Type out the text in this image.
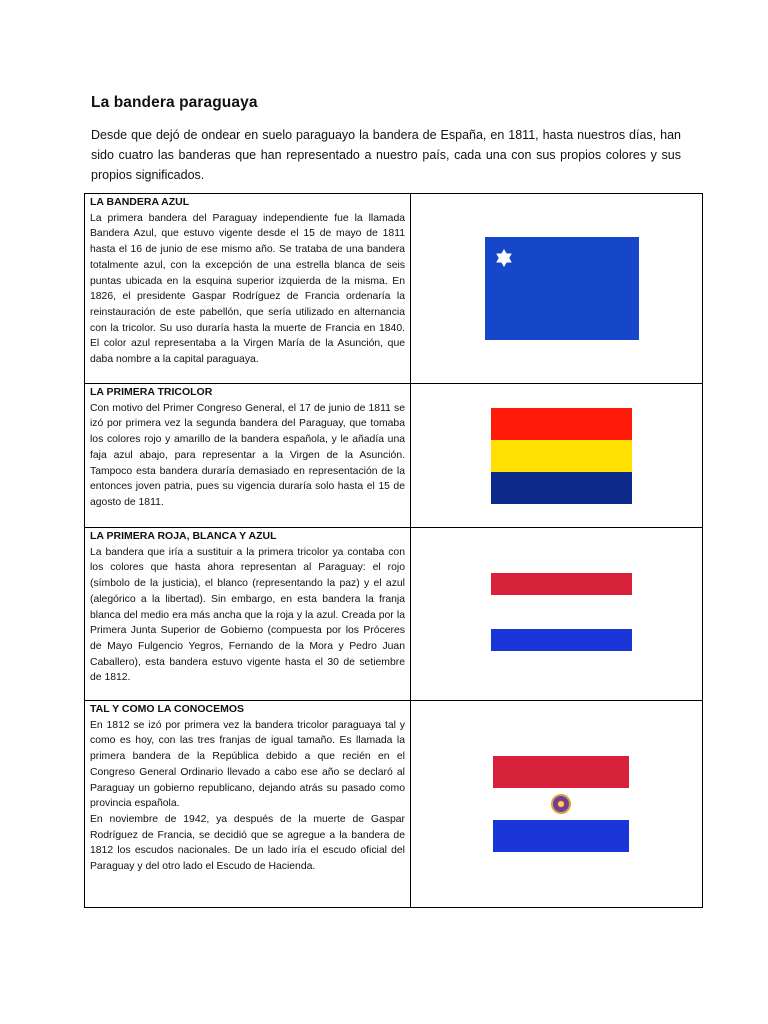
La bandera paraguaya
Desde que dejó de ondear en suelo paraguayo la bandera de España, en 1811, hasta nuestros días, han sido cuatro las banderas que han representado a nuestro país, cada una con sus propios colores y sus propios significados.
LA BANDERA AZUL

La primera bandera del Paraguay independiente fue la llamada Bandera Azul, que estuvo vigente desde el 15 de mayo de 1811 hasta el 16 de junio de ese mismo año. Se trataba de una bandera totalmente azul, con la excepción de una estrella blanca de seis puntas ubicada en la esquina superior izquierda de la misma. En 1826, el presidente Gaspar Rodríguez de Francia ordenaría la reinstauración de este pabellón, que sería utilizado en alternancia con la tricolor. Su uso duraría hasta la muerte de Francia en 1840. El color azul representaba a la Virgen María de la Asunción, que daba nombre a la capital paraguaya.

LA PRIMERA TRICOLOR

Con motivo del Primer Congreso General, el 17 de junio de 1811 se izó por primera vez la segunda bandera del Paraguay, que tomaba los colores rojo y amarillo de la bandera española, y le añadía una faja azul abajo, para representar a la Virgen de la Asunción. Tampoco esta bandera duraría demasiado en representación de la entonces joven patria, pues su vigencia duraría solo hasta el 15 de agosto de 1811.	

LA PRIMERA ROJA, BLANCA Y AZUL

La bandera que iría a sustituir a la primera tricolor ya contaba con los colores que hasta ahora representan al Paraguay: el rojo (símbolo de la justicia), el blanco (representando la paz) y el azul (alegórico a la libertad). Sin embargo, en esta bandera la franja blanca del medio era más ancha que la roja y la azul. Creada por la Primera Junta Superior de Gobierno (compuesta por los Próceres de Mayo Fulgencio Yegros, Fernando de la Mora y Pedro Juan Caballero), esta bandera estuvo vigente hasta el 30 de setiembre de 1812.	

TAL Y COMO LA CONOCEMOS

En 1812 se izó por primera vez la bandera tricolor paraguaya tal y como es hoy, con las tres franjas de igual tamaño. Es llamada la primera bandera de la República debido a que recién en el Congreso General Ordinario llevado a cabo ese año se declaró al Paraguay un gobierno republicano, dejando atrás su pasado como provincia española.

En noviembre de 1942, ya después de la muerte de Gaspar Rodríguez de Francia, se decidió que se agregue a la bandera de 1812 los escudos nacionales. De un lado iría el escudo oficial del Paraguay y del otro lado el Escudo de Hacienda.	
